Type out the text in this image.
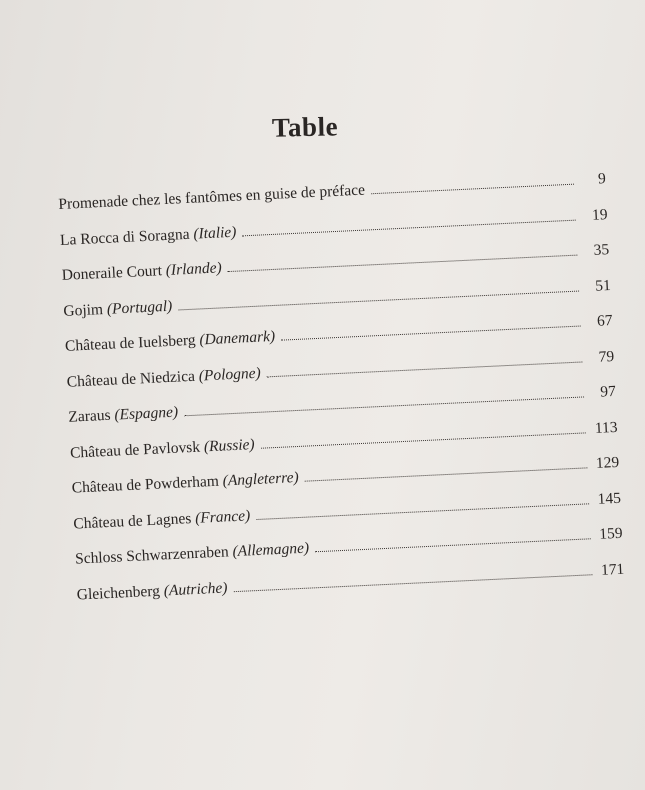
Table
Promenade chez les fantômes en guise de préface
9
La Rocca di Soragna (Italie)
19
Doneraile Court (Irlande)
35
Gojim (Portugal)
51
Château de Iuelsberg (Danemark)
67
Château de Niedzica (Pologne)
79
Zaraus (Espagne)
97
Château de Pavlovsk (Russie)
113
Château de Powderham (Angleterre)
129
Château de Lagnes (France)
145
Schloss Schwarzenraben (Allemagne)
159
Gleichenberg (Autriche)
171
